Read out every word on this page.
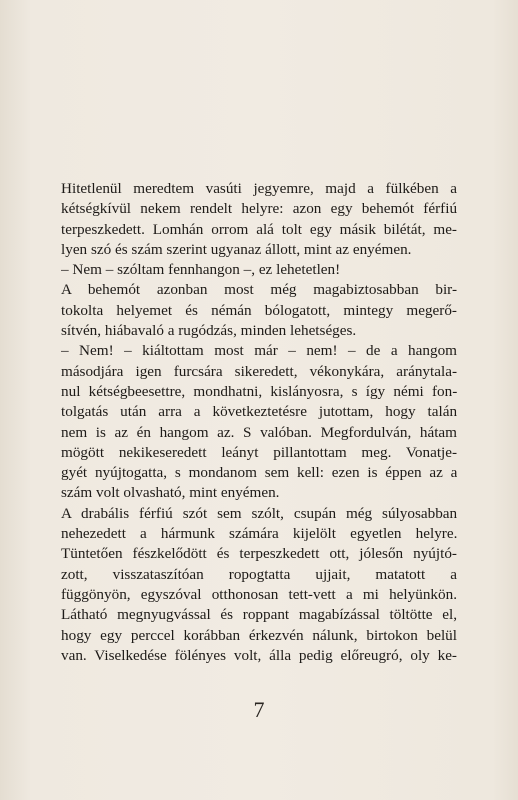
Hitetlenül meredtem vasúti jegyemre, majd a fülkében a
kétségkívül nekem rendelt helyre: azon egy behemót férfiú
terpeszkedett. Lomhán orrom alá tolt egy másik bilétát, me-
lyen szó és szám szerint ugyanaz állott, mint az enyémen.
– Nem – szóltam fennhangon –, ez lehetetlen!
A behemót azonban most még magabiztosabban bir-
tokolta helyemet és némán bólogatott, mintegy megerő-
sítvén, hiábavaló a rugódzás, minden lehetséges.
– Nem! – kiáltottam most már – nem! – de a hangom
másodjára igen furcsára sikeredett, vékonykára, aránytala-
nul kétségbeesettre, mondhatni, kislányosra, s így némi fon-
tolgatás után arra a következtetésre jutottam, hogy talán
nem is az én hangom az. S valóban. Megfordulván, hátam
mögött nekikeseredett leányt pillantottam meg. Vonatje-
gyét nyújtogatta, s mondanom sem kell: ezen is éppen az a
szám volt olvasható, mint enyémen.
A drabális férfiú szót sem szólt, csupán még súlyosabban
nehezedett a hármunk számára kijelölt egyetlen helyre.
Tüntetően fészkelődött és terpeszkedett ott, jólesőn nyújtó-
zott, visszataszítóan ropogtatta ujjait, matatott a
függönyön, egyszóval otthonosan tett-vett a mi helyünkön.
Látható megnyugvással és roppant magabízással töltötte el,
hogy egy perccel korábban érkezvén nálunk, birtokon belül
van. Viselkedése fölényes volt, álla pedig előreugró, oly ke-
7
